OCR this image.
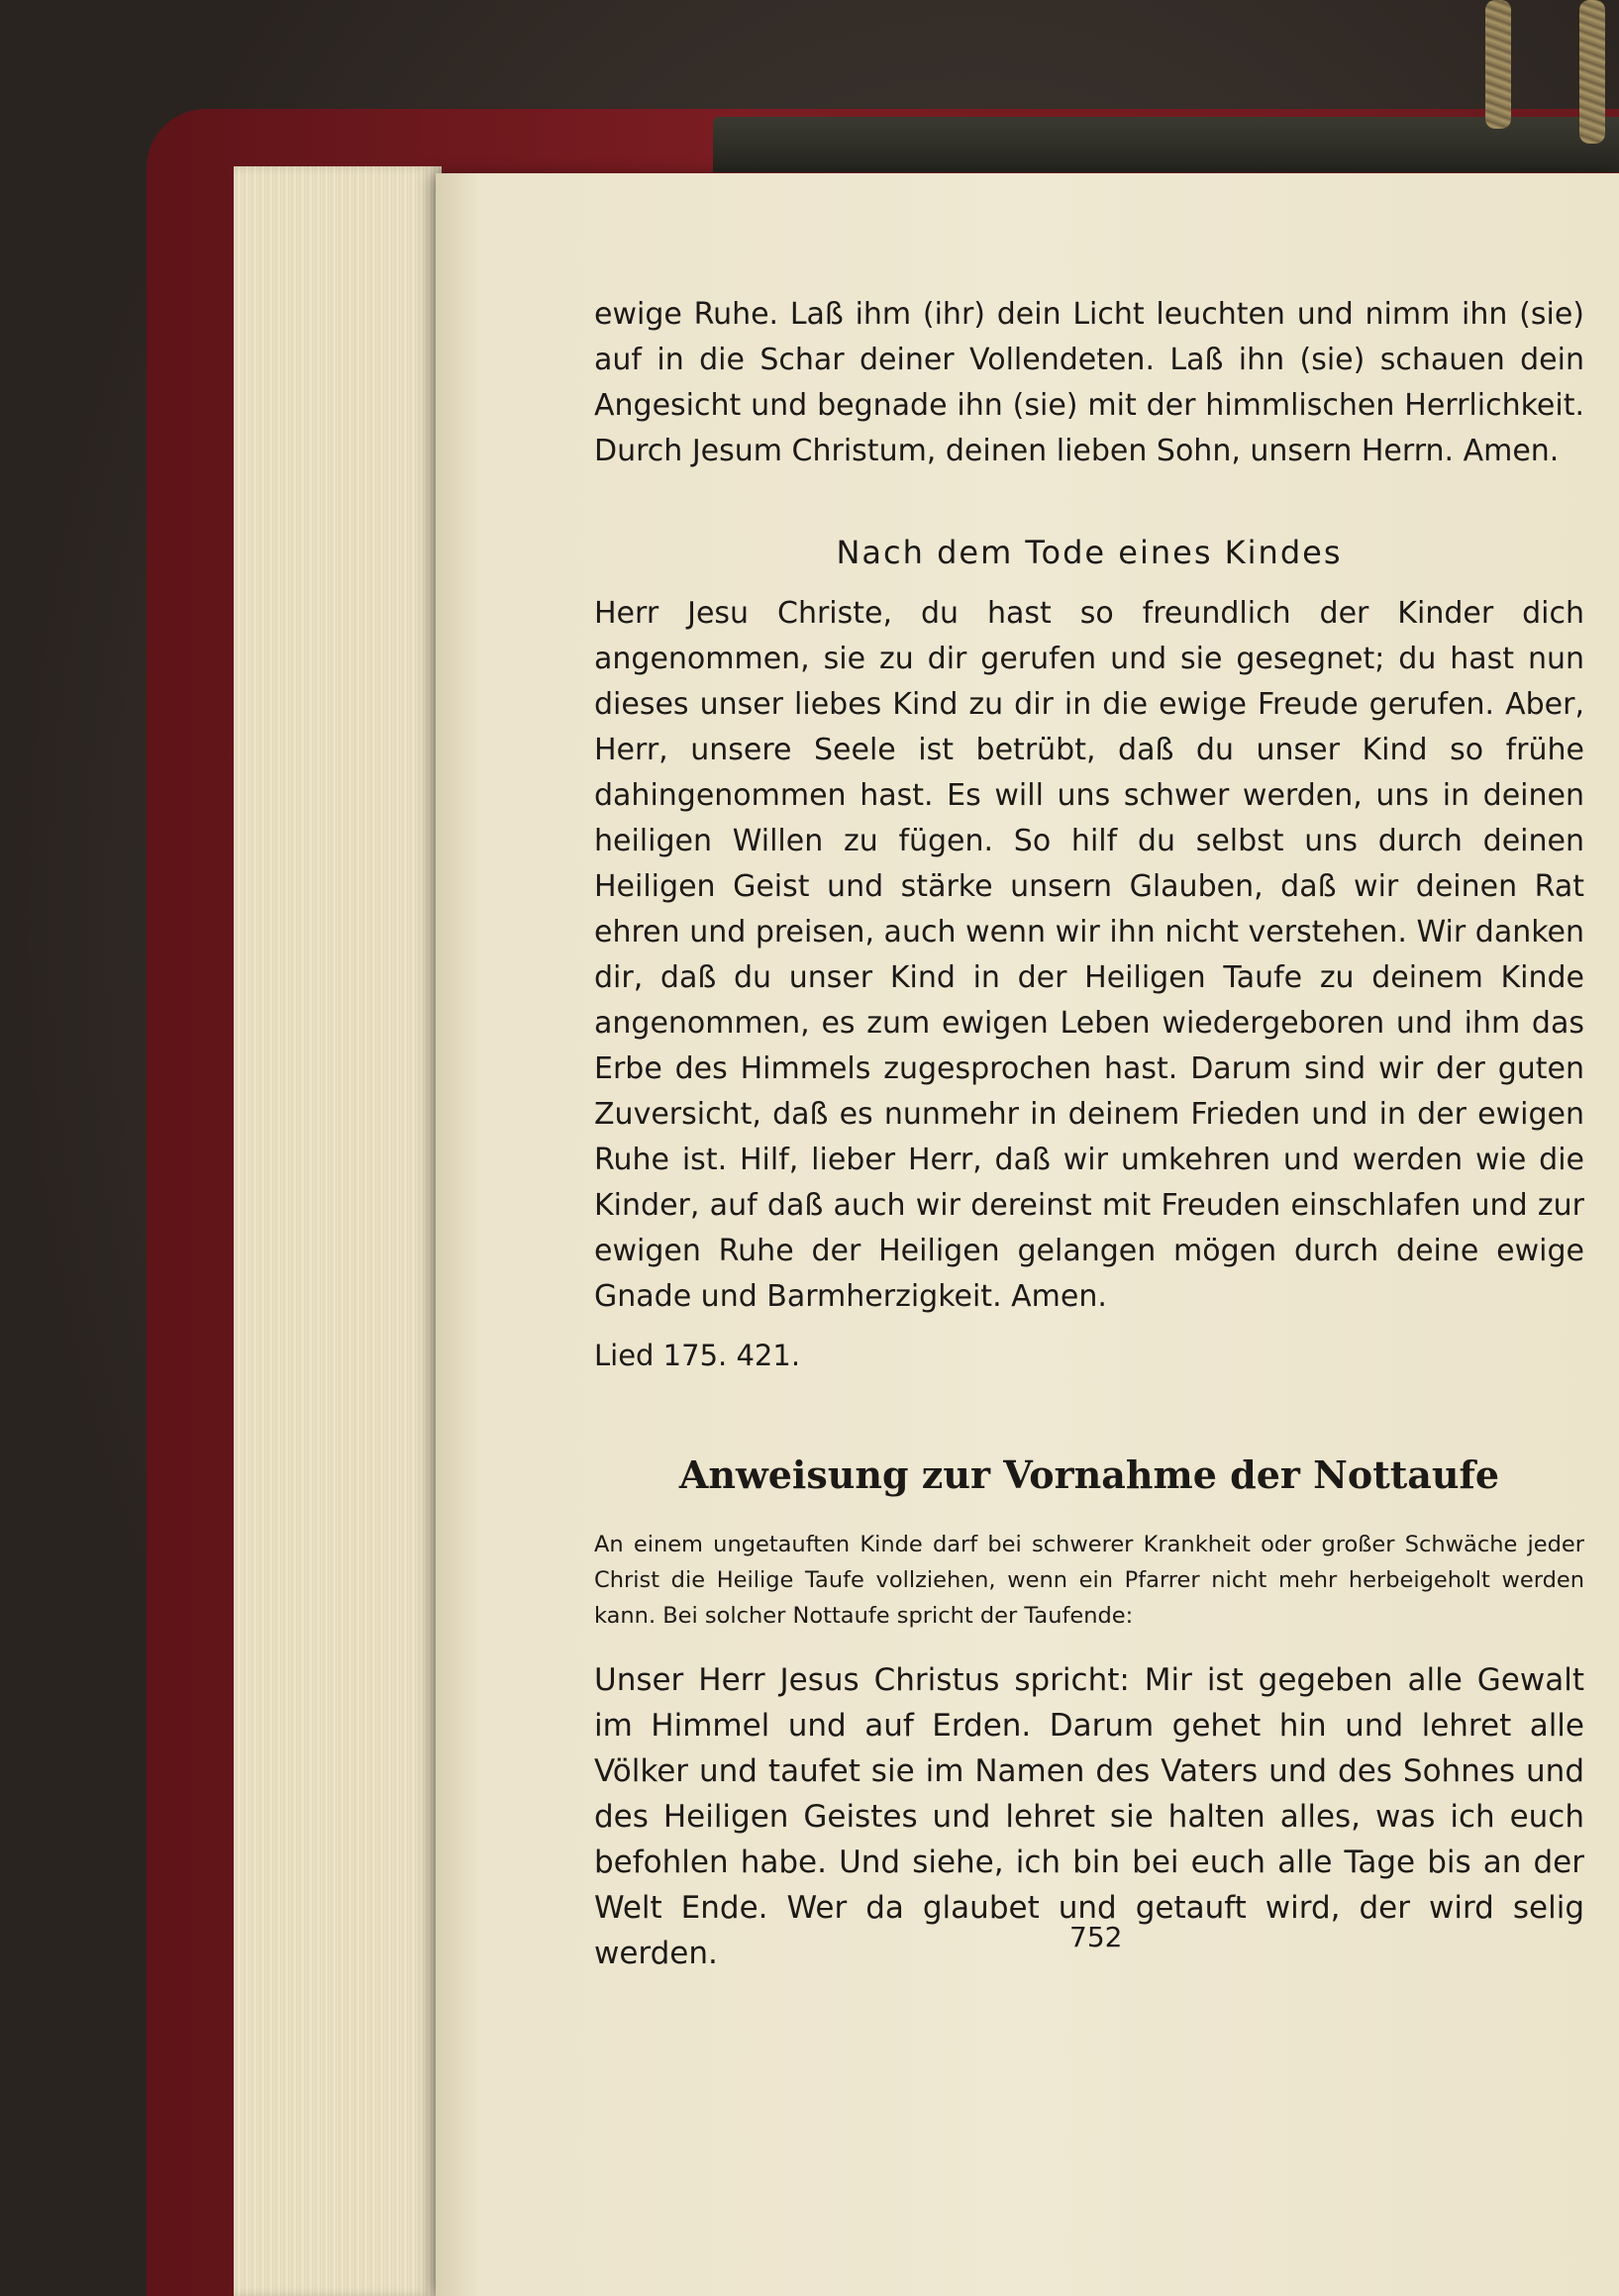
ewige Ruhe. Laß ihm (ihr) dein Licht leuchten und nimm ihn (sie) auf in die Schar deiner Vollendeten. Laß ihn (sie) schauen dein Angesicht und begnade ihn (sie) mit der himmlischen Herrlichkeit. Durch Jesum Christum, deinen lieben Sohn, unsern Herrn. Amen.

Nach dem Tode eines Kindes

Herr Jesu Christe, du hast so freundlich der Kinder dich angenommen, sie zu dir gerufen und sie gesegnet; du hast nun dieses unser liebes Kind zu dir in die ewige Freude gerufen. Aber, Herr, unsere Seele ist betrübt, daß du unser Kind so frühe dahingenommen hast. Es will uns schwer werden, uns in deinen heiligen Willen zu fügen. So hilf du selbst uns durch deinen Heiligen Geist und stärke unsern Glauben, daß wir deinen Rat ehren und preisen, auch wenn wir ihn nicht verstehen. Wir danken dir, daß du unser Kind in der Heiligen Taufe zu deinem Kinde angenommen, es zum ewigen Leben wiedergeboren und ihm das Erbe des Himmels zugesprochen hast. Darum sind wir der guten Zuversicht, daß es nunmehr in deinem Frieden und in der ewigen Ruhe ist. Hilf, lieber Herr, daß wir umkehren und werden wie die Kinder, auf daß auch wir dereinst mit Freuden einschlafen und zur ewigen Ruhe der Heiligen gelangen mögen durch deine ewige Gnade und Barmherzigkeit. Amen.

Lied 175. 421.

Anweisung zur Vornahme der Nottaufe

An einem ungetauften Kinde darf bei schwerer Krankheit oder großer Schwäche jeder Christ die Heilige Taufe vollziehen, wenn ein Pfarrer nicht mehr herbeigeholt werden kann. Bei solcher Nottaufe spricht der Taufende:

Unser Herr Jesus Christus spricht: Mir ist gegeben alle Gewalt im Himmel und auf Erden. Darum gehet hin und lehret alle Völker und taufet sie im Namen des Vaters und des Sohnes und des Heiligen Geistes und lehret sie halten alles, was ich euch befohlen habe. Und siehe, ich bin bei euch alle Tage bis an der Welt Ende. Wer da glaubet und getauft wird, der wird selig werden.	752
